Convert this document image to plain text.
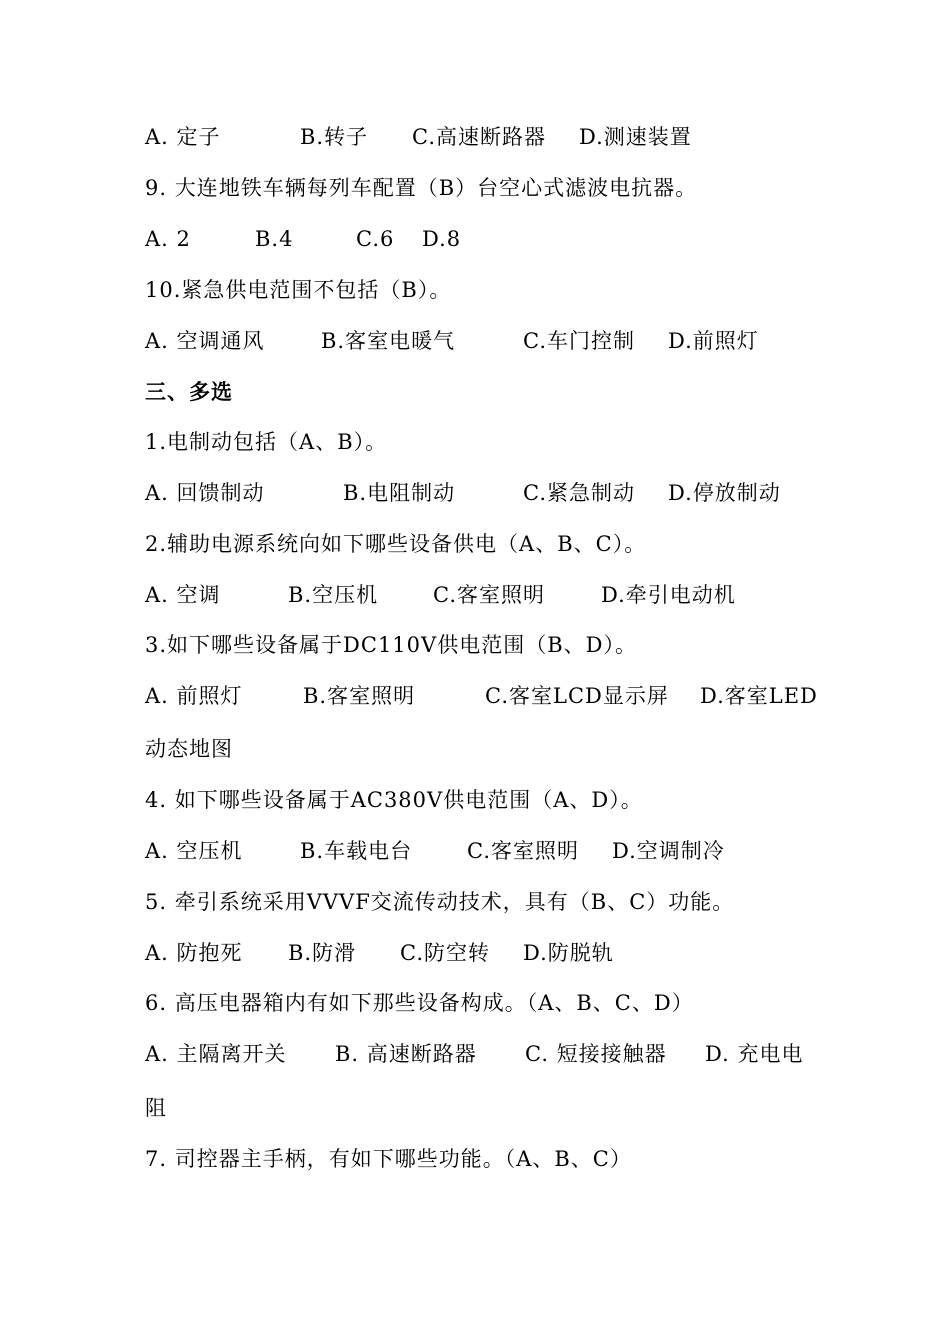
A. 定子	B.转子 C.高速断路器 D.测速装置
9. 大连地铁车辆每列车配置（B）台空心式滤波电抗器。
A. 2	B.4	C.6 D.8
10.紧急供电范围不包括（B）。
A. 空调通风	B.客室电暖气	C.车门控制 D.前照灯
三、多选
1.电制动包括（A、B）。
A. 回馈制动	B.电阻制动	C.紧急制动 D.停放制动
2.辅助电源系统向如下哪些设备供电（A、B、C）。
A. 空调	B.空压机	C.客室照明	D.牵引电动机
3.如下哪些设备属于DC110V供电范围（B、D）。
A. 前照灯	B.客室照明	C.客室LCD显示屏 D.客室LED
动态地图
4. 如下哪些设备属于AC380V供电范围（A、D）。
A. 空压机	B.车载电台	C.客室照明 D.空调制冷
5. 牵引系统采用VVVF交流传动技术，具有（B、C）功能。
A. 防抱死 B.防滑 C.防空转 D.防脱轨
6. 高压电器箱内有如下那些设备构成。（A、B、C、D）
A. 主隔离开关 B. 高速断路器 C. 短接接触器 D. 充电电
阻
7. 司控器主手柄，有如下哪些功能。（A、B、C）
